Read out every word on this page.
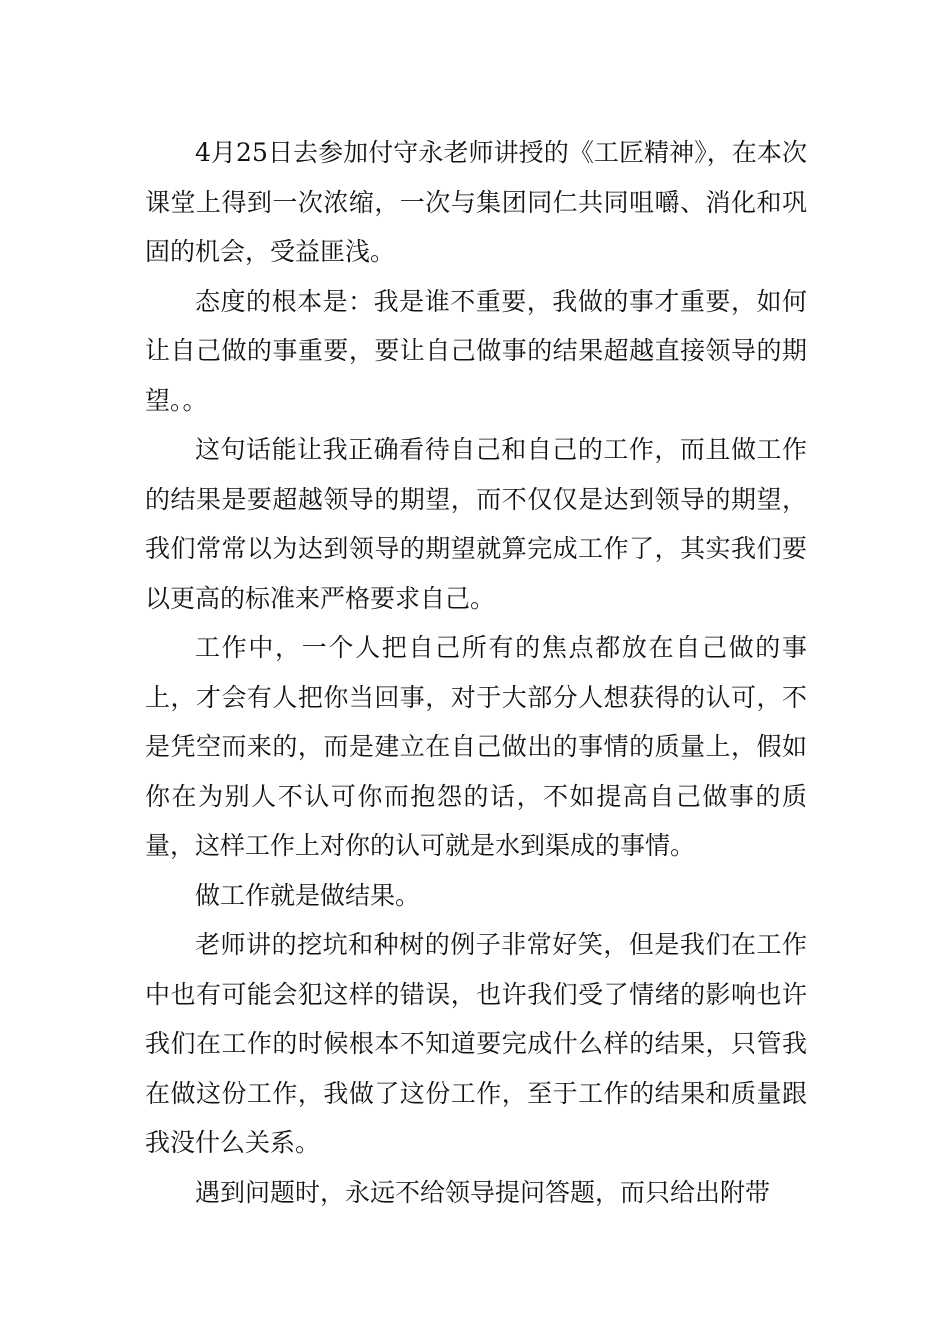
4月25日去参加付守永老师讲授的《工匠精神》，在本次课堂上得到一次浓缩，一次与集团同仁共同咀嚼、消化和巩固的机会，受益匪浅。

态度的根本是：我是谁不重要，我做的事才重要，如何让自己做的事重要，要让自己做事的结果超越直接领导的期望。。

这句话能让我正确看待自己和自己的工作，而且做工作的结果是要超越领导的期望，而不仅仅是达到领导的期望，我们常常以为达到领导的期望就算完成工作了，其实我们要以更高的标准来严格要求自己。

工作中，一个人把自己所有的焦点都放在自己做的事上，才会有人把你当回事，对于大部分人想获得的认可，不是凭空而来的，而是建立在自己做出的事情的质量上，假如你在为别人不认可你而抱怨的话，不如提高自己做事的质量，这样工作上对你的认可就是水到渠成的事情。

做工作就是做结果。

老师讲的挖坑和种树的例子非常好笑，但是我们在工作中也有可能会犯这样的错误，也许我们受了情绪的影响也许我们在工作的时候根本不知道要完成什么样的结果，只管我在做这份工作，我做了这份工作，至于工作的结果和质量跟我没什么关系。

遇到问题时，永远不给领导提问答题，而只给出附带
